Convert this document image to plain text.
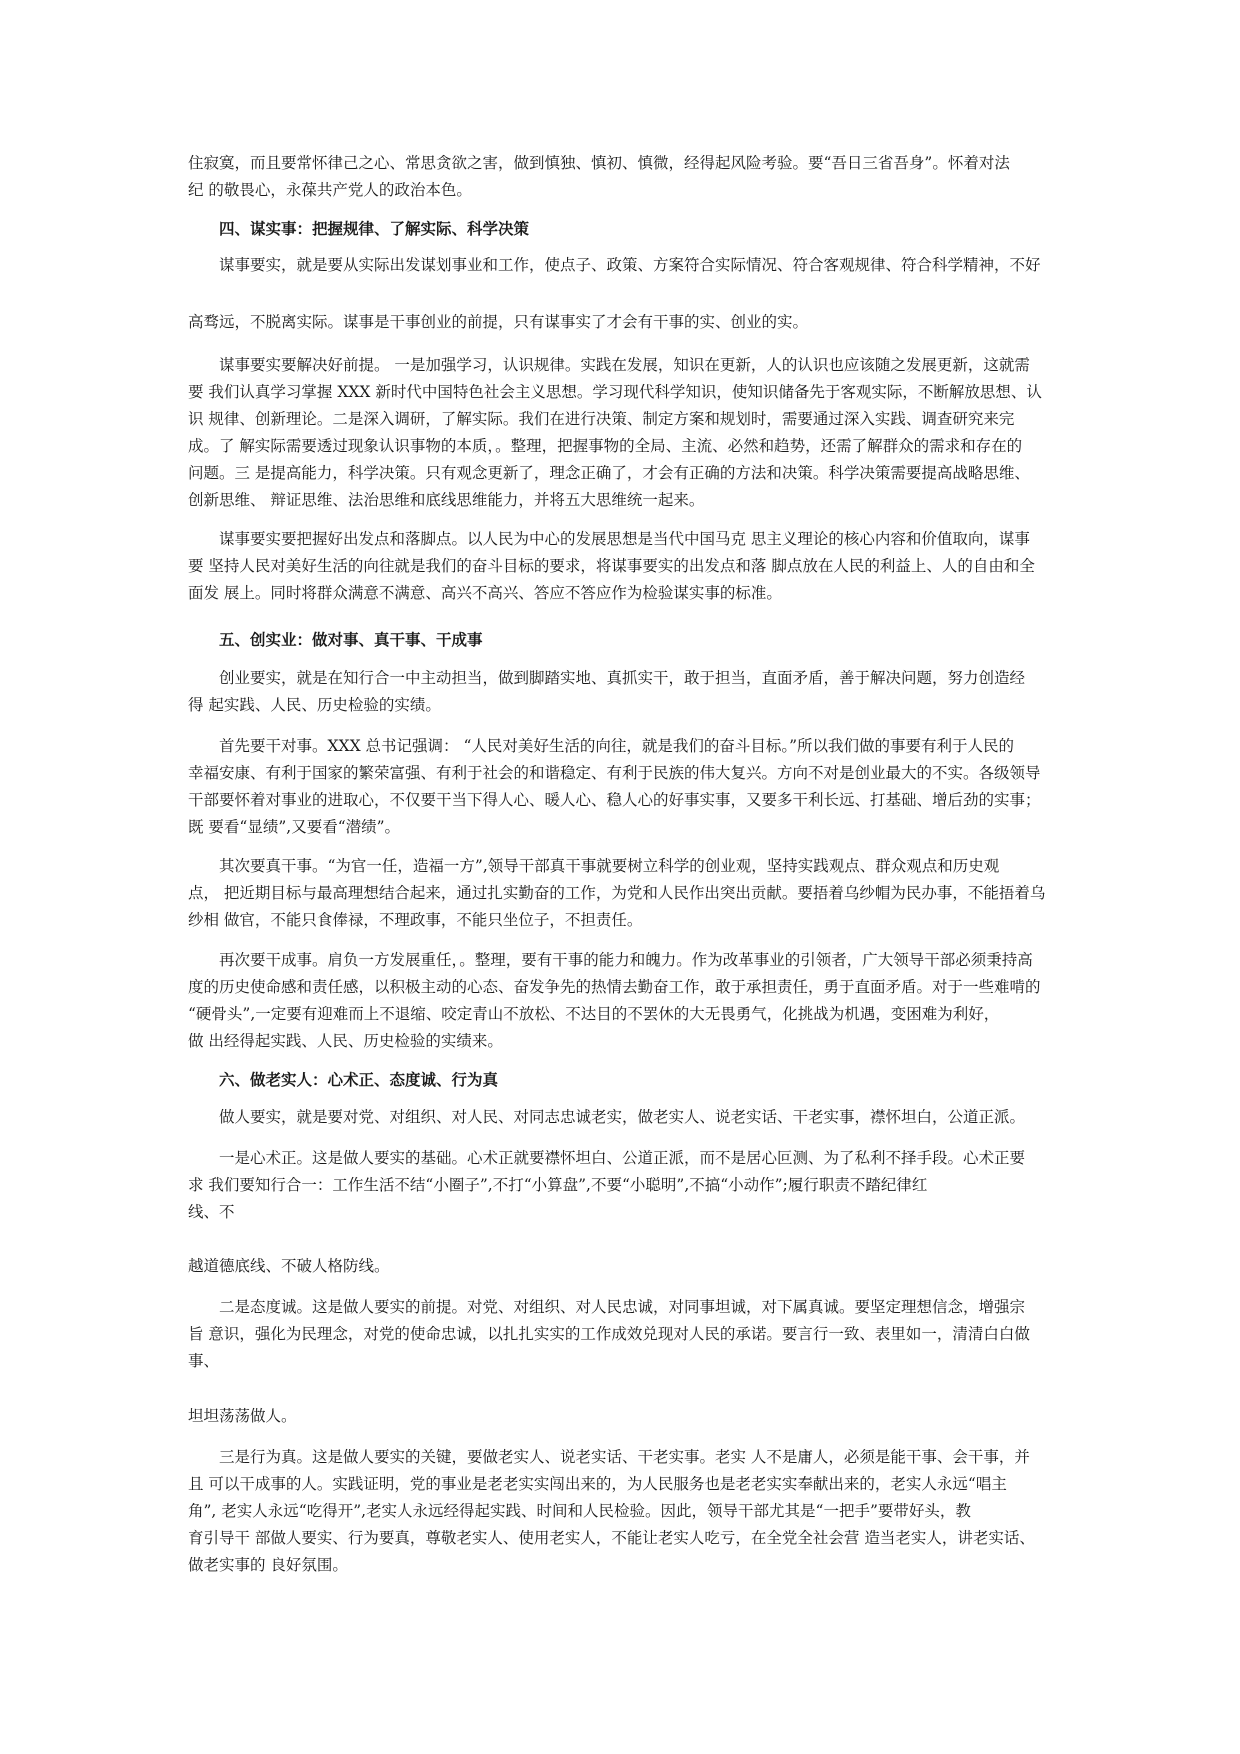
住寂寞，而且要常怀律己之心、常思贪欲之害，做到慎独、慎初、慎微，经得起风险考验。要“吾日三省吾身”。怀着对法
纪 的敬畏心，永葆共产党人的政治本色。
四、谋实事：把握规律、了解实际、科学决策
谋事要实，就是要从实际出发谋划事业和工作，使点子、政策、方案符合实际情况、符合客观规律、符合科学精神，不好
高骛远，不脱离实际。谋事是干事创业的前提，只有谋事实了才会有干事的实、创业的实。
谋事要实要解决好前提。 一是加强学习，认识规律。实践在发展，知识在更新，人的认识也应该随之发展更新，这就需
要 我们认真学习掌握 XXX 新时代中国特色社会主义思想。学习现代科学知识，使知识储备先于客观实际，不断解放思想、认
识 规律、创新理论。二是深入调研，了解实际。我们在进行决策、制定方案和规划时，需要通过深入实践、调查研究来完
成。了 解实际需要透过现象认识事物的本质，。整理，把握事物的全局、主流、必然和趋势，还需了解群众的需求和存在的
问题。三 是提高能力，科学决策。只有观念更新了，理念正确了，才会有正确的方法和决策。科学决策需要提高战略思维、
创新思维、 辩证思维、法治思维和底线思维能力，并将五大思维统一起来。
谋事要实要把握好出发点和落脚点。以人民为中心的发展思想是当代中国马克 思主义理论的核心内容和价值取向，谋事
要 坚持人民对美好生活的向往就是我们的奋斗目标的要求，将谋事要实的出发点和落 脚点放在人民的利益上、人的自由和全
面发 展上。同时将群众满意不满意、高兴不高兴、答应不答应作为检验谋实事的标准。
五、创实业：做对事、真干事、干成事
创业要实，就是在知行合一中主动担当，做到脚踏实地、真抓实干，敢于担当，直面矛盾，善于解决问题，努力创造经
得 起实践、人民、历史检验的实绩。
首先要干对事。XXX 总书记强调： “人民对美好生活的向往，就是我们的奋斗目标。”所以我们做的事要有利于人民的
幸福安康、有利于国家的繁荣富强、有利于社会的和谐稳定、有利于民族的伟大复兴。方向不对是创业最大的不实。各级领导
干部要怀着对事业的进取心，不仅要干当下得人心、暖人心、稳人心的好事实事，又要多干利长远、打基础、增后劲的实事；
既 要看“显绩”,又要看“潜绩”。
其次要真干事。“为官一任，造福一方”,领导干部真干事就要树立科学的创业观，坚持实践观点、群众观点和历史观
点， 把近期目标与最高理想结合起来，通过扎实勤奋的工作，为党和人民作出突出贡献。要捂着乌纱帽为民办事，不能捂着乌
纱相 做官，不能只食俸禄，不理政事，不能只坐位子，不担责任。
再次要干成事。肩负一方发展重任，。整理，要有干事的能力和魄力。作为改革事业的引领者，广大领导干部必须秉持高
度的历史使命感和责任感，以积极主动的心态、奋发争先的热情去勤奋工作，敢于承担责任，勇于直面矛盾。对于一些难啃的
“硬骨头”,一定要有迎难而上不退缩、咬定青山不放松、不达目的不罢休的大无畏勇气，化挑战为机遇，变困难为利好，
做 出经得起实践、人民、历史检验的实绩来。
六、做老实人：心术正、态度诚、行为真
做人要实，就是要对党、对组织、对人民、对同志忠诚老实，做老实人、说老实话、干老实事，襟怀坦白，公道正派。
一是心术正。这是做人要实的基础。心术正就要襟怀坦白、公道正派，而不是居心叵测、为了私利不择手段。心术正要
求 我们要知行合一：工作生活不结“小圈子”,不打“小算盘”,不要“小聪明”,不搞“小动作”;履行职责不踏纪律红
线、不
越道德底线、不破人格防线。
二是态度诚。这是做人要实的前提。对党、对组织、对人民忠诚，对同事坦诚，对下属真诚。要坚定理想信念，增强宗
旨 意识，强化为民理念，对党的使命忠诚，以扎扎实实的工作成效兑现对人民的承诺。要言行一致、表里如一，清清白白做
事、
坦坦荡荡做人。
三是行为真。这是做人要实的关键，要做老实人、说老实话、干老实事。老实 人不是庸人，必须是能干事、会干事，并
且 可以干成事的人。实践证明，党的事业是老老实实闯出来的，为人民服务也是老老实实奉献出来的，老实人永远“唱主
角”, 老实人永远“吃得开”,老实人永远经得起实践、时间和人民检验。因此，领导干部尤其是“一把手”要带好头，教
育引导干 部做人要实、行为要真，尊敬老实人、使用老实人，不能让老实人吃亏，在全党全社会营 造当老实人，讲老实话、
做老实事的 良好氛围。
